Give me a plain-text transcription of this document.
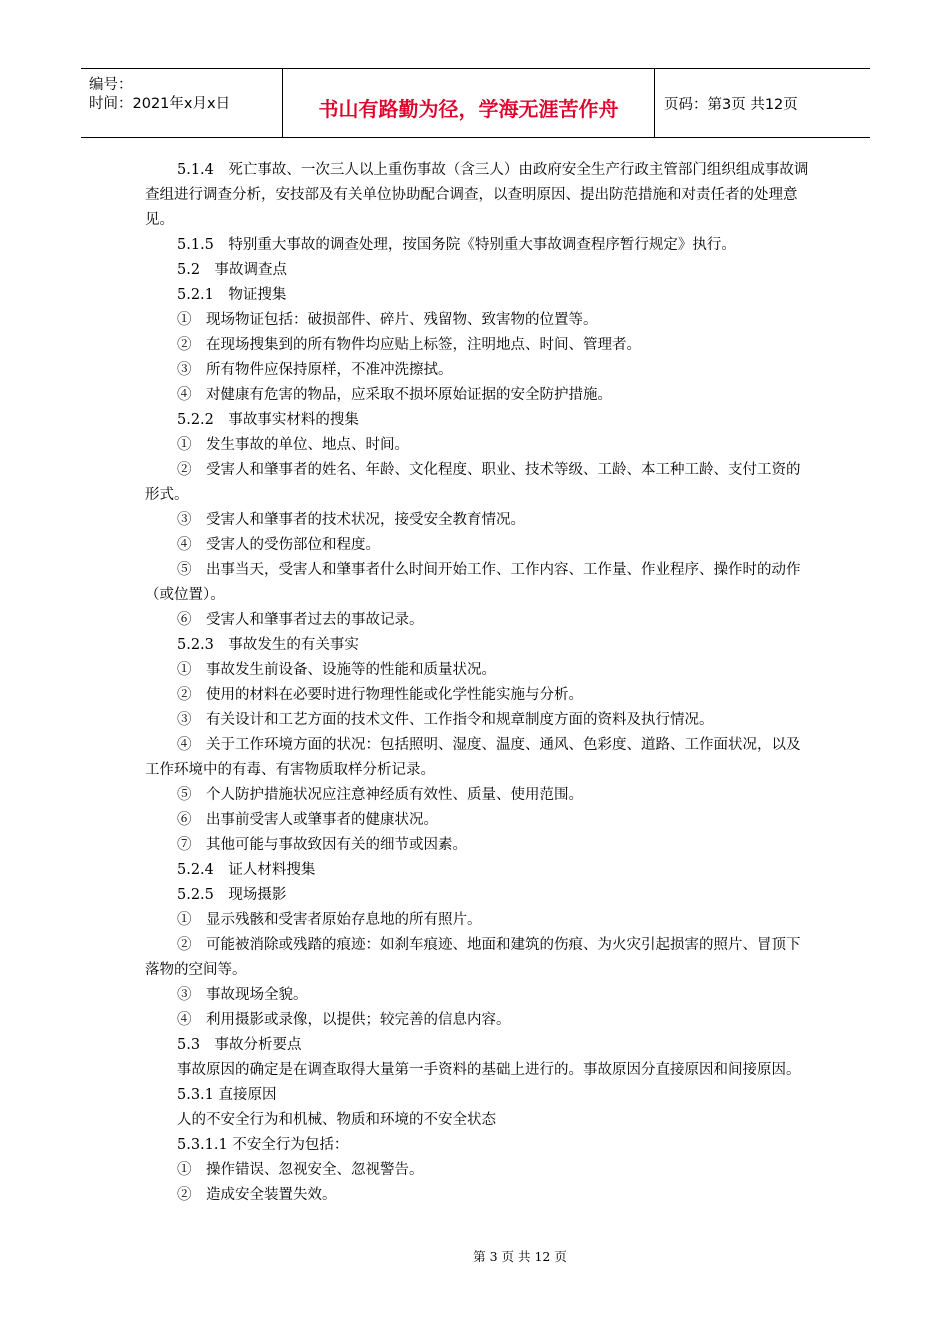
编号：
时间：2021年x月x日	书山有路勤为径，学海无涯苦作舟	页码：第3页 共12页

5.1.4　死亡事故、一次三人以上重伤事故（含三人）由政府安全生产行政主管部门组织组成事故调查组进行调查分析，安技部及有关单位协助配合调查，以查明原因、提出防范措施和对责任者的处理意见。

5.1.5　特别重大事故的调查处理，按国务院《特别重大事故调查程序暂行规定》执行。

5.2　事故调查点

5.2.1　物证搜集

①　现场物证包括：破损部件、碎片、残留物、致害物的位置等。

②　在现场搜集到的所有物件均应贴上标签，注明地点、时间、管理者。

③　所有物件应保持原样，不准冲洗擦拭。

④　对健康有危害的物品，应采取不损坏原始证据的安全防护措施。

5.2.2　事故事实材料的搜集

①　发生事故的单位、地点、时间。

②　受害人和肇事者的姓名、年龄、文化程度、职业、技术等级、工龄、本工种工龄、支付工资的形式。

③　受害人和肇事者的技术状况，接受安全教育情况。

④　受害人的受伤部位和程度。

⑤　出事当天，受害人和肇事者什么时间开始工作、工作内容、工作量、作业程序、操作时的动作（或位置）。

⑥　受害人和肇事者过去的事故记录。

5.2.3　事故发生的有关事实

①　事故发生前设备、设施等的性能和质量状况。

②　使用的材料在必要时进行物理性能或化学性能实施与分析。

③　有关设计和工艺方面的技术文件、工作指令和规章制度方面的资料及执行情况。

④　关于工作环境方面的状况：包括照明、湿度、温度、通风、色彩度、道路、工作面状况，以及工作环境中的有毒、有害物质取样分析记录。

⑤　个人防护措施状况应注意神经质有效性、质量、使用范围。

⑥　出事前受害人或肇事者的健康状况。

⑦　其他可能与事故致因有关的细节或因素。

5.2.4　证人材料搜集

5.2.5　现场摄影

①　显示残骸和受害者原始存息地的所有照片。

②　可能被消除或残踏的痕迹：如刹车痕迹、地面和建筑的伤痕、为火灾引起损害的照片、冒顶下落物的空间等。

③　事故现场全貌。

④　利用摄影或录像，以提供；较完善的信息内容。

5.3　事故分析要点

事故原因的确定是在调查取得大量第一手资料的基础上进行的。事故原因分直接原因和间接原因。

5.3.1 直接原因

人的不安全行为和机械、物质和环境的不安全状态

5.3.1.1 不安全行为包括：

①　操作错误、忽视安全、忽视警告。

②　造成安全装置失效。

第 3 页 共 12 页
